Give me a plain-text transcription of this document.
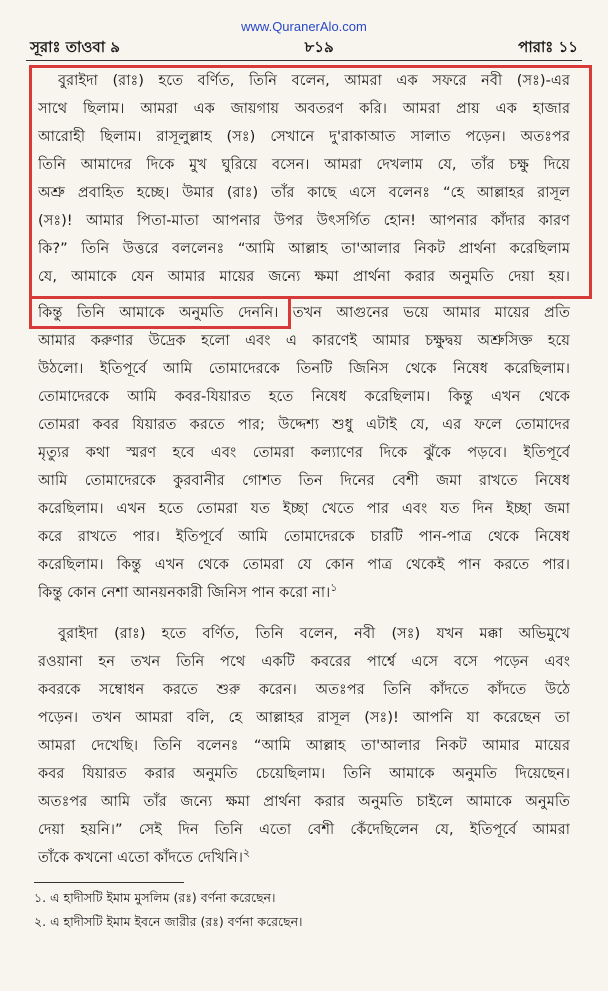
www.QuranerAlo.com
সূরাঃ তাওবা ৯	৮১৯	পারাঃ ১১
বুরাইদা (রাঃ) হতে বর্ণিত, তিনি বলেন, আমরা এক সফরে নবী (সঃ)-এর
সাথে ছিলাম। আমরা এক জায়গায় অবতরণ করি। আমরা প্রায় এক হাজার
আরোহী ছিলাম। রাসূলুল্লাহ (সঃ) সেখানে দু'রাকাআত সালাত পড়েন। অতঃপর
তিনি আমাদের দিকে মুখ ঘুরিয়ে বসেন। আমরা দেখলাম যে, তাঁর চক্ষু দিয়ে
অশ্রু প্রবাহিত হচ্ছে। উমার (রাঃ) তাঁর কাছে এসে বলেনঃ “হে আল্লাহর রাসূল
(সঃ)! আমার পিতা-মাতা আপনার উপর উৎসর্গিত হোন! আপনার কাঁদার কারণ
কি?” তিনি উত্তরে বললেনঃ “আমি আল্লাহ তা'আলার নিকট প্রার্থনা করেছিলাম
যে, আমাকে যেন আমার মায়ের জন্যে ক্ষমা প্রার্থনা করার অনুমতি দেয়া হয়।
কিন্তু তিনি আমাকে অনুমতি দেননি। তখন আগুনের ভয়ে আমার মায়ের প্রতি
আমার করুণার উদ্রেক হলো এবং এ কারণেই আমার চক্ষুদ্বয় অশ্রুসিক্ত হয়ে
উঠলো। ইতিপূর্বে আমি তোমাদেরকে তিনটি জিনিস থেকে নিষেধ করেছিলাম।
তোমাদেরকে আমি কবর-যিয়ারত হতে নিষেধ করেছিলাম। কিন্তু এখন থেকে
তোমরা কবর যিয়ারত করতে পার; উদ্দেশ্য শুধু এটাই যে, এর ফলে তোমাদের
মৃত্যুর কথা স্মরণ হবে এবং তোমরা কল্যাণের দিকে ঝুঁকে পড়বে। ইতিপূর্বে
আমি তোমাদেরকে কুরবানীর গোশত তিন দিনের বেশী জমা রাখতে নিষেধ
করেছিলাম। এখন হতে তোমরা যত ইচ্ছা খেতে পার এবং যত দিন ইচ্ছা জমা
করে রাখতে পার। ইতিপূর্বে আমি তোমাদেরকে চারটি পান-পাত্র থেকে নিষেধ
করেছিলাম। কিন্তু এখন থেকে তোমরা যে কোন পাত্র থেকেই পান করতে পার।
কিন্তু কোন নেশা আনয়নকারী জিনিস পান করো না।$^১$
বুরাইদা (রাঃ) হতে বর্ণিত, তিনি বলেন, নবী (সঃ) যখন মক্কা অভিমুখে
রওয়ানা হন তখন তিনি পথে একটি কবরের পার্শ্বে এসে বসে পড়েন এবং
কবরকে সম্বোধন করতে শুরু করেন। অতঃপর তিনি কাঁদতে কাঁদতে উঠে
পড়েন। তখন আমরা বলি, হে আল্লাহর রাসূল (সঃ)! আপনি যা করেছেন তা
আমরা দেখেছি। তিনি বলেনঃ “আমি আল্লাহ তা'আলার নিকট আমার মায়ের
কবর যিয়ারত করার অনুমতি চেয়েছিলাম। তিনি আমাকে অনুমতি দিয়েছেন।
অতঃপর আমি তাঁর জন্যে ক্ষমা প্রার্থনা করার অনুমতি চাইলে আমাকে অনুমতি
দেয়া হয়নি।” সেই দিন তিনি এতো বেশী কেঁদেছিলেন যে, ইতিপূর্বে আমরা
তাঁকে কখনো এতো কাঁদতে দেখিনি।$^২$
১. এ হাদীসটি ইমাম মুসলিম (রঃ) বর্ণনা করেছেন।
২. এ হাদীসটি ইমাম ইবনে জারীর (রঃ) বর্ণনা করেছেন।
